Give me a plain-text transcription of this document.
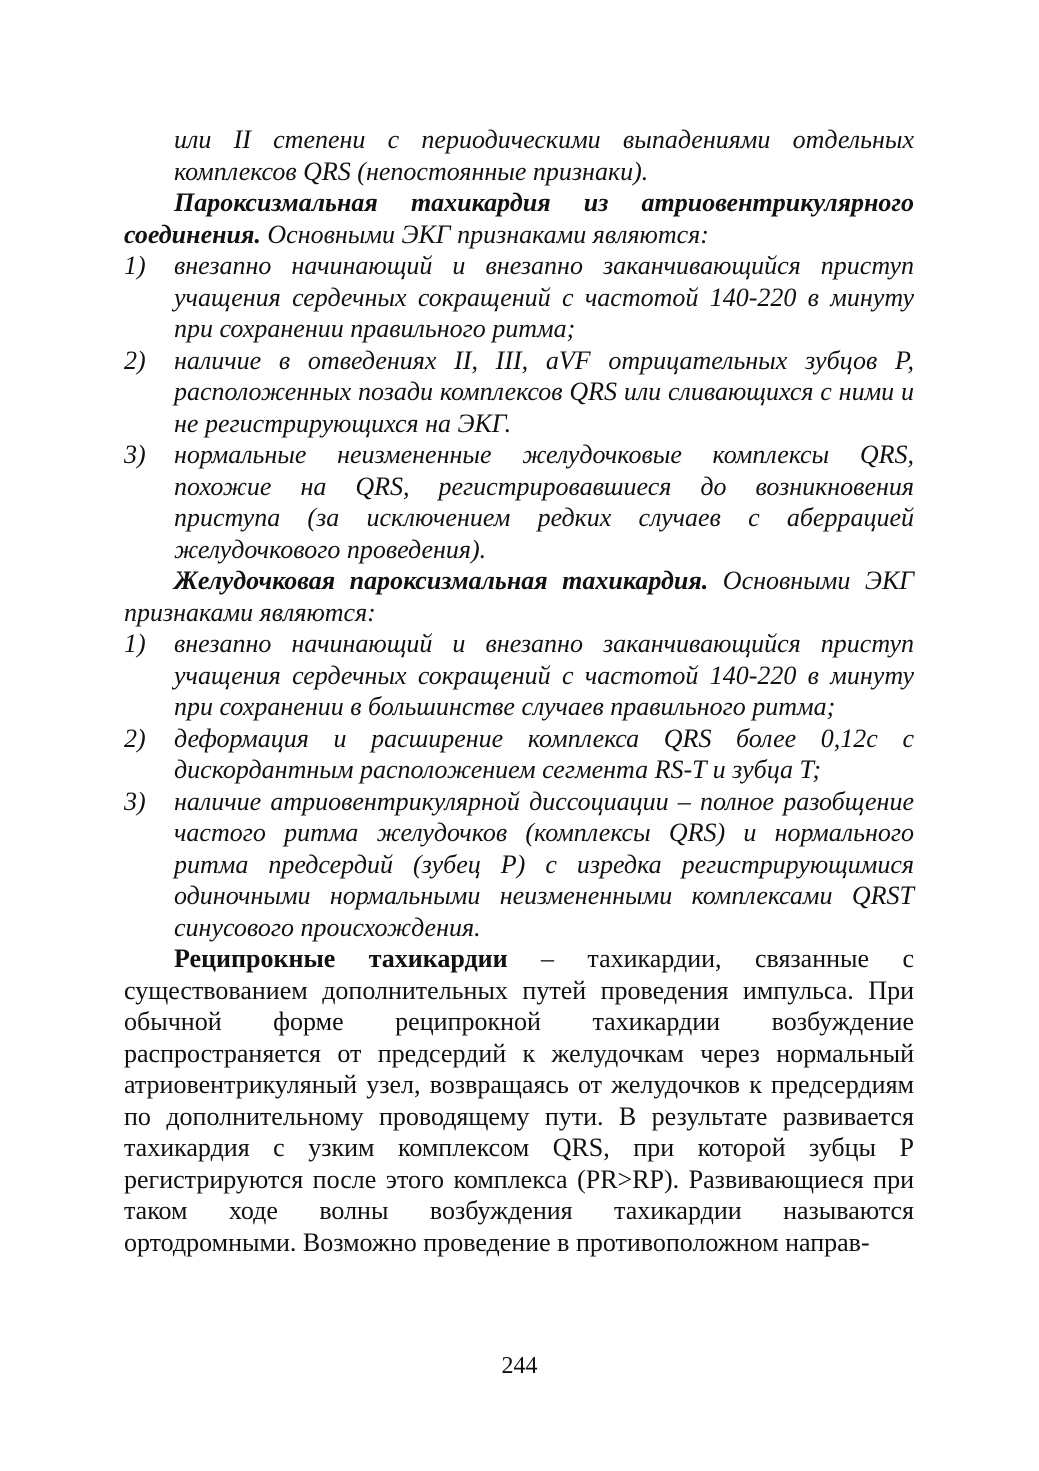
или II степени с периодическими выпадениями отдельных комплексов QRS (непостоянные признаки).

Пароксизмальная тахикардия из атриовентрикулярного соединения. Основными ЭКГ признаками являются:

1) внезапно начинающий и внезапно заканчивающийся приступ учащения сердечных сокращений с частотой 140-220 в минуту при сохранении правильного ритма;
2) наличие в отведениях II, III, aVF отрицательных зубцов P, расположенных позади комплексов QRS или сливающихся с ними и не регистрирующихся на ЭКГ.
3) нормальные неизмененные желудочковые комплексы QRS, похожие на QRS, регистрировавшиеся до возникновения приступа (за исключением редких случаев с аберрацией желудочкового проведения).

Желудочковая пароксизмальная тахикардия. Основными ЭКГ признаками являются:

1) внезапно начинающий и внезапно заканчивающийся приступ учащения сердечных сокращений с частотой 140-220 в минуту при сохранении в большинстве случаев правильного ритма;
2) деформация и расширение комплекса QRS более 0,12с с дискордантным расположением сегмента RS-T и зубца T;
3) наличие атриовентрикулярной диссоциации – полное разобщение частого ритма желудочков (комплексы QRS) и нормального ритма предсердий (зубец P) с изредка регистрирующимися одиночными нормальными неизмененными комплексами QRST синусового происхождения.

Реципрокные тахикардии – тахикардии, связанные с существованием дополнительных путей проведения импульса. При обычной форме реципрокной тахикардии возбуждение распространяется от предсердий к желудочкам через нормальный атриовентрикуляный узел, возвращаясь от желудочков к предсердиям по дополнительному проводящему пути. В результате развивается тахикардия с узким комплексом QRS, при которой зубцы P регистрируются после этого комплекса (PR>RP). Развивающиеся при таком ходе волны возбуждения тахикардии называются ортодромными. Возможно проведение в противоположном направ-

244
